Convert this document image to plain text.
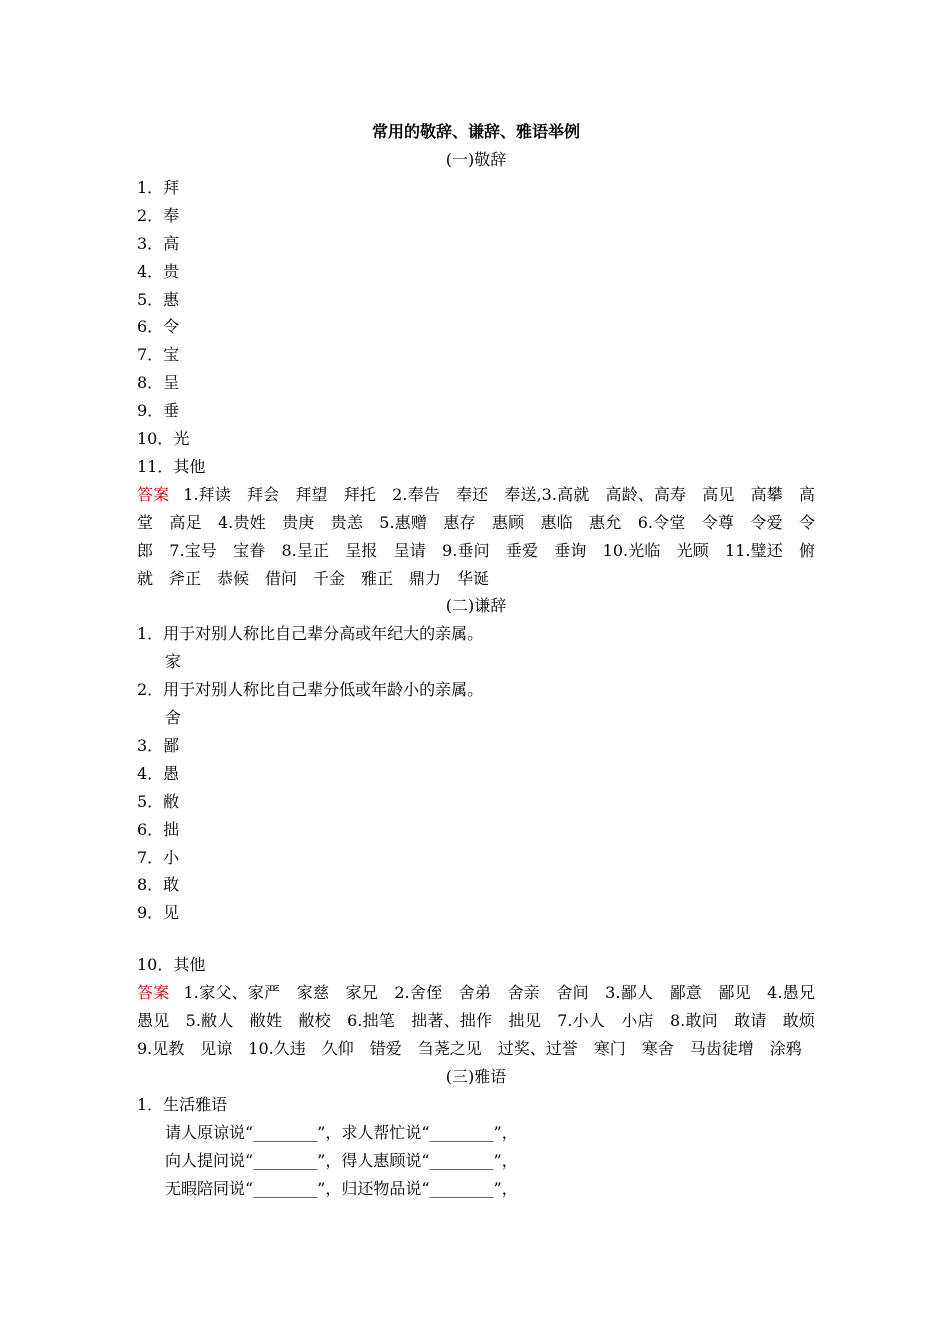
常用的敬辞、谦辞、雅语举例
(一)敬辞
1．拜
2．奉
3．高
4．贵
5．惠
6．令
7．宝
8．呈
9．垂
10．光
11．其他
答案 1.拜读　拜会　拜望　拜托　2.奉告　奉还　奉送,3.高就　高龄、高寿　高见　高攀　高堂　高足　4.贵姓　贵庚　贵恙　5.惠赠　惠存　惠顾　惠临　惠允　6.令堂　令尊　令爱　令郎　7.宝号　宝眷　8.呈正　呈报　呈请　9.垂问　垂爱　垂询　10.光临　光顾　11.璧还　俯就　斧正　恭候　借问　千金　雅正　鼎力　华诞
(二)谦辞
1．用于对别人称比自己辈分高或年纪大的亲属。
家
2．用于对别人称比自己辈分低或年龄小的亲属。
舍
3．鄙
4．愚
5．敝
6．拙
7．小
8．敢
9．见
10．其他
答案 1.家父、家严　家慈　家兄　2.舍侄　舍弟　舍亲　舍间　3.鄙人　鄙意　鄙见　4.愚兄　愚见　5.敝人　敝姓　敝校　6.拙笔　拙著、拙作　拙见　7.小人　小店　8.敢问　敢请　敢烦　9.见教　见谅　10.久违　久仰　错爱　刍荛之见　过奖、过誉　寒门　寒舍　马齿徒增　涂鸦
(三)雅语
1．生活雅语
请人原谅说“________”，求人帮忙说“________”，
向人提问说“________”，得人惠顾说“________”，
无暇陪同说“________”，归还物品说“________”，
